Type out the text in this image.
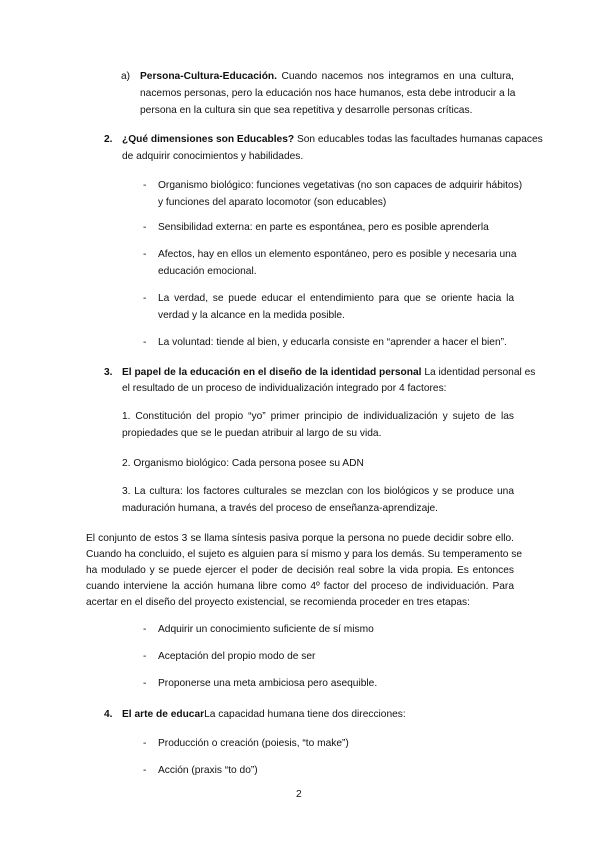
a) Persona-Cultura-Educación. Cuando nacemos nos integramos en una cultura,
nacemos personas, pero la educación nos hace humanos, esta debe introducir a la
persona en la cultura sin que sea repetitiva y desarrolle personas críticas.
2. ¿Qué dimensiones son Educables? Son educables todas las facultades humanas capaces
de adquirir conocimientos y habilidades.
- Organismo biológico: funciones vegetativas (no son capaces de adquirir hábitos)
y funciones del aparato locomotor (son educables)
- Sensibilidad externa: en parte es espontánea, pero es posible aprenderla
- Afectos, hay en ellos un elemento espontáneo, pero es posible y necesaria una
educación emocional.
- La verdad, se puede educar el entendimiento para que se oriente hacia la
verdad y la alcance en la medida posible.
- La voluntad: tiende al bien, y educarla consiste en “aprender a hacer el bien”.
3. El papel de la educación en el diseño de la identidad personal La identidad personal es
el resultado de un proceso de individualización integrado por 4 factores:
1. Constitución del propio “yo” primer principio de individualización y sujeto de las
propiedades que se le puedan atribuir al largo de su vida.
2. Organismo biológico: Cada persona posee su ADN
3. La cultura: los factores culturales se mezclan con los biológicos y se produce una
maduración humana, a través del proceso de enseñanza-aprendizaje.
El conjunto de estos 3 se llama síntesis pasiva porque la persona no puede decidir sobre ello.
Cuando ha concluido, el sujeto es alguien para sí mismo y para los demás. Su temperamento se
ha modulado y se puede ejercer el poder de decisión real sobre la vida propia. Es entonces
cuando interviene la acción humana libre como 4º factor del proceso de individuación. Para
acertar en el diseño del proyecto existencial, se recomienda proceder en tres etapas:
- Adquirir un conocimiento suficiente de sí mismo
- Aceptación del propio modo de ser
- Proponerse una meta ambiciosa pero asequible.
4. El arte de educarLa capacidad humana tiene dos direcciones:
- Producción o creación (poiesis, “to make”)
- Acción (praxis “to do”)
2
